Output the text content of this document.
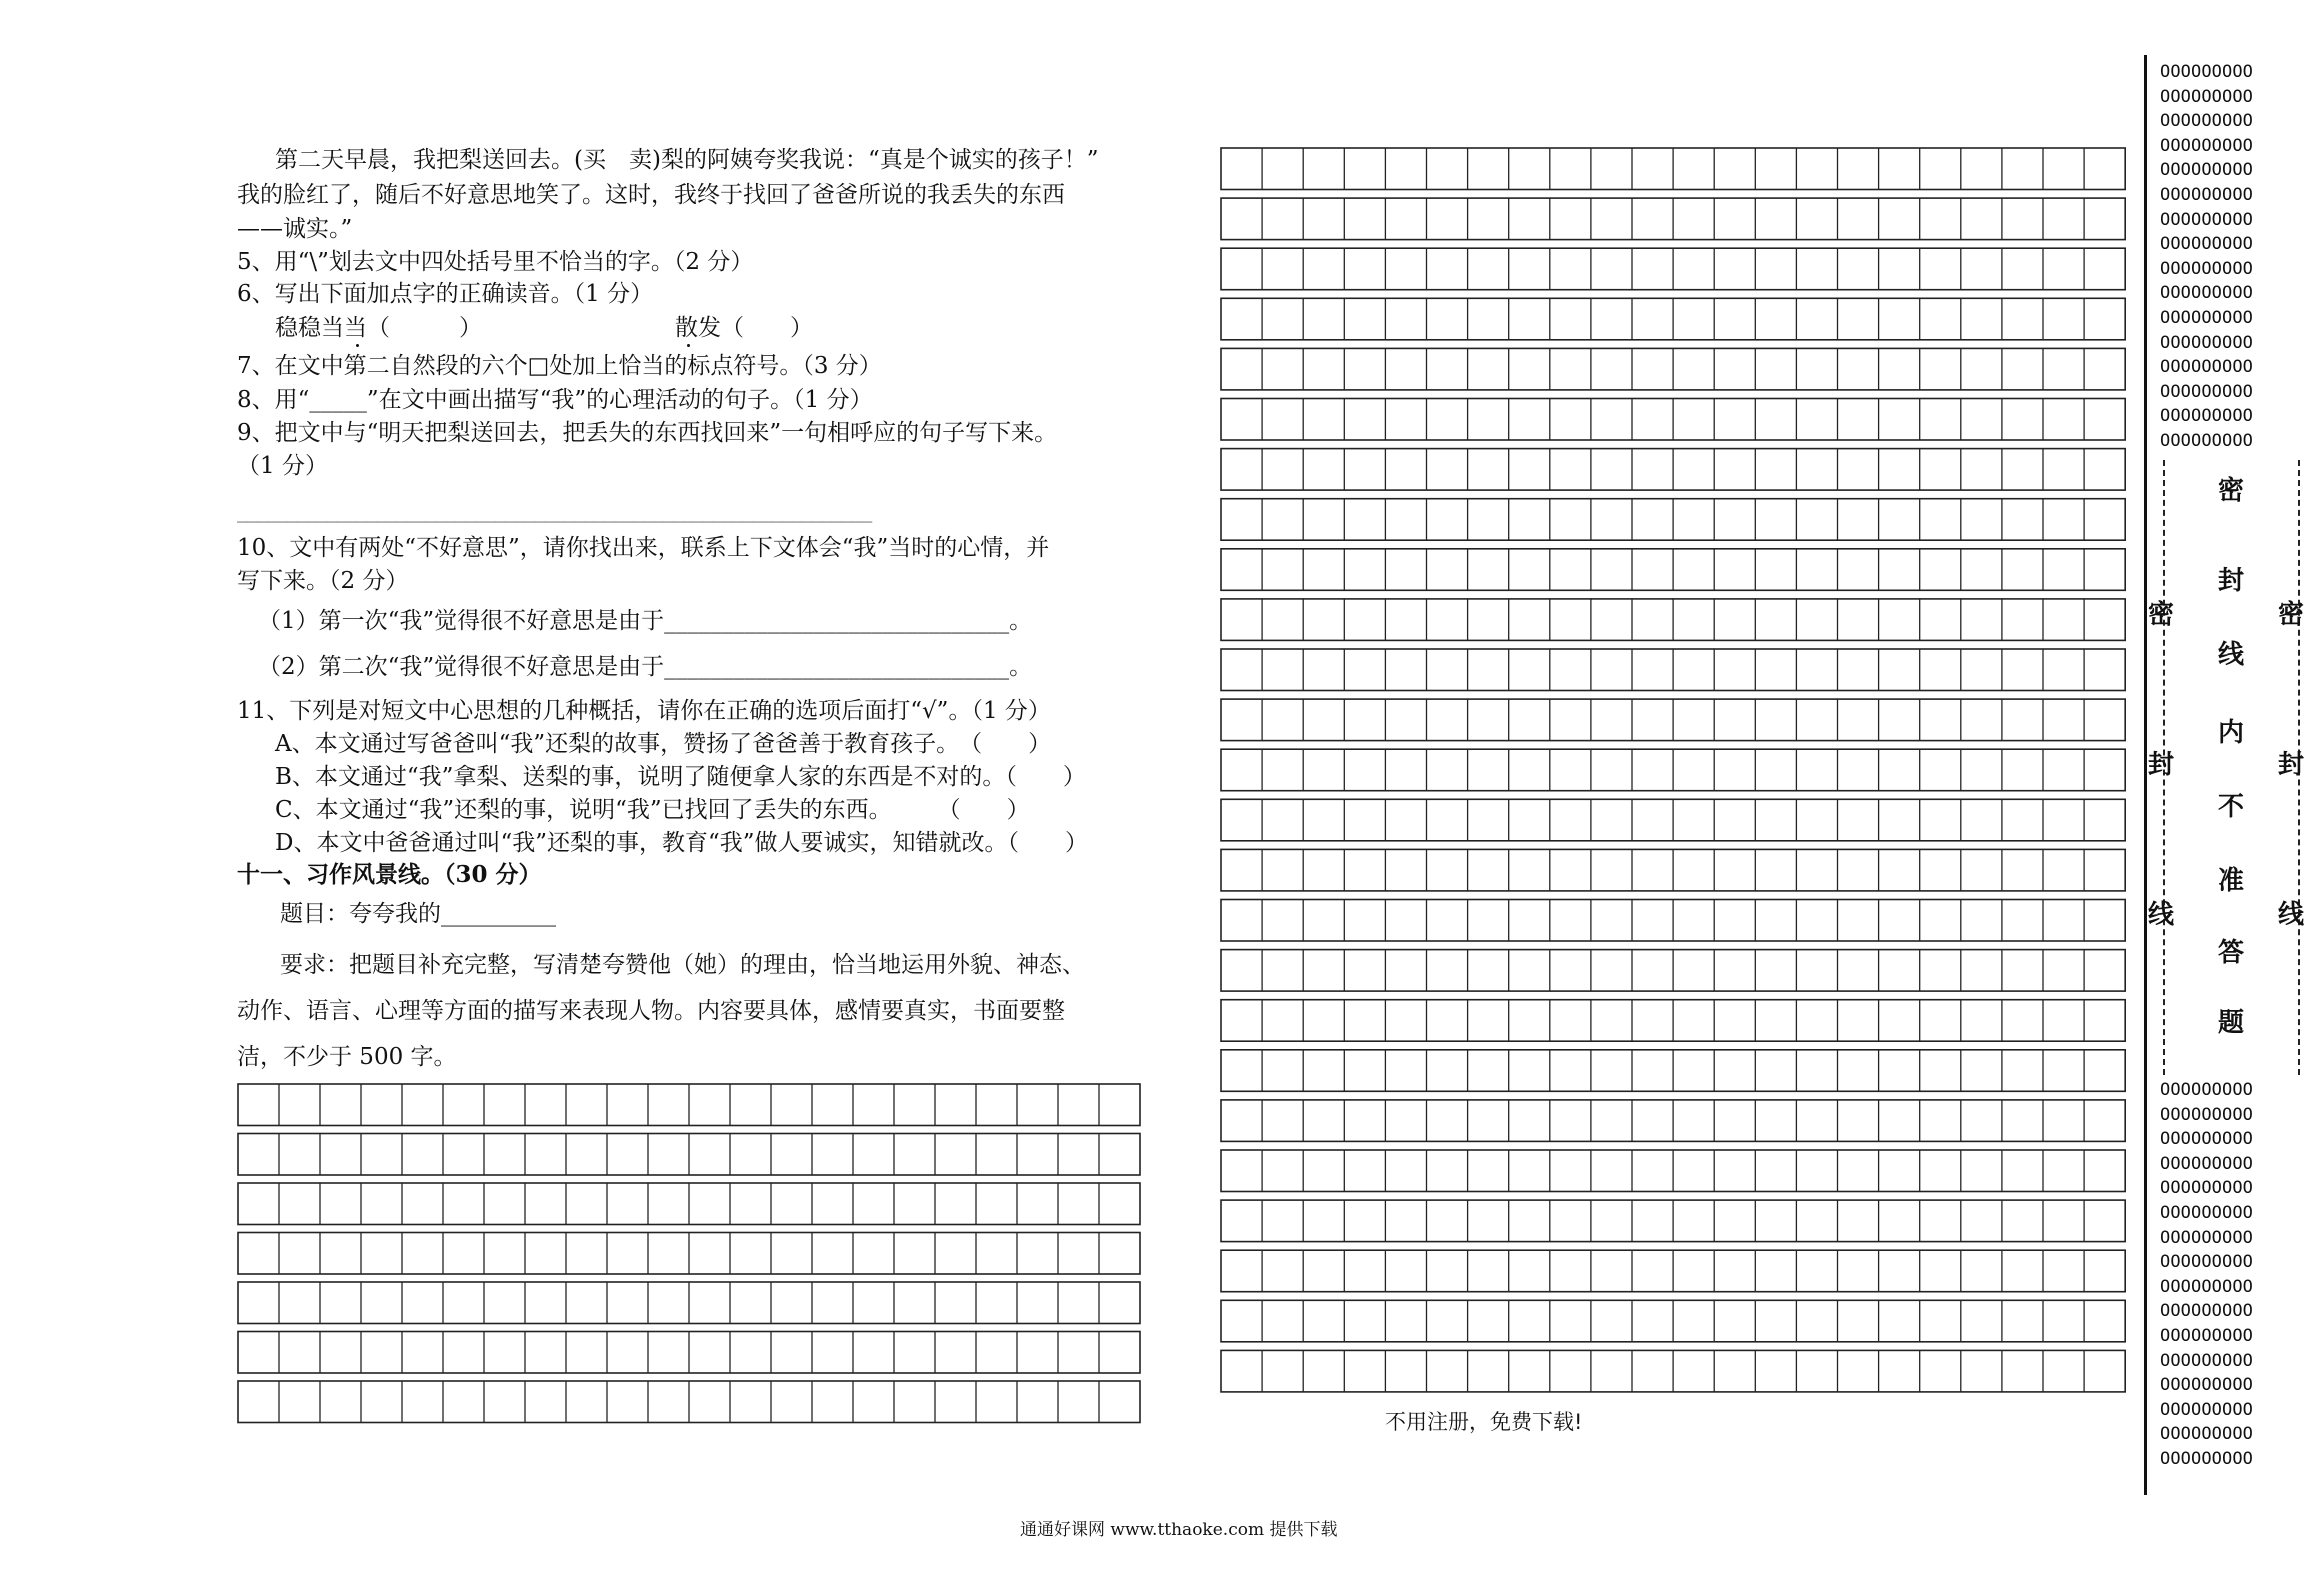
第二天早晨，我把梨送回去。(买　卖)梨的阿姨夸奖我说：“真是个诚实的孩子！”
我的脸红了，随后不好意思地笑了。这时，我终于找回了爸爸所说的我丢失的东西
——诚实。”
5、用“\”划去文中四处括号里不恰当的字。（2 分）
6、写出下面加点字的正确读音。（1 分）
稳稳当当（　　　）	散发（　　）
7、在文中第二自然段的六个□处加上恰当的标点符号。（3 分）
8、用“_____”在文中画出描写“我”的心理活动的句子。（1 分）
9、把文中与“明天把梨送回去，把丢失的东西找回来”一句相呼应的句子写下来。
（1 分）
________________________________________________________________
10、文中有两处“不好意思”，请你找出来，联系上下文体会“我”当时的心情，并
写下来。（2 分）
（1）第一次“我”觉得很不好意思是由于______________________________。
（2）第二次“我”觉得很不好意思是由于______________________________。
11、下列是对短文中心思想的几种概括，请你在正确的选项后面打“√”。（1 分）
A、本文通过写爸爸叫“我”还梨的故事，赞扬了爸爸善于教育孩子。　（　　）
B、本文通过“我”拿梨、送梨的事，说明了随便拿人家的东西是不对的。（　　）
C、本文通过“我”还梨的事，说明“我”已找回了丢失的东西。　　　（　　）
D、本文中爸爸通过叫“我”还梨的事，教育“我”做人要诚实，知错就改。（　　）
十一、习作风景线。（30 分）
题目：夸夸我的__________
要求：把题目补充完整，写清楚夸赞他（她）的理由，恰当地运用外貌、神态、
动作、语言、心理等方面的描写来表现人物。内容要具体，感情要真实，书面要整
洁，不少于 500 字。
不用注册，免费下载!
通通好课网 www.tthaoke.com 提供下载
OOOOOOOOO
OOOOOOOOO
OOOOOOOOO
OOOOOOOOO
OOOOOOOOO
OOOOOOOOO
OOOOOOOOO
OOOOOOOOO
OOOOOOOOO
OOOOOOOOO
OOOOOOOOO
OOOOOOOOO
OOOOOOOOO
OOOOOOOOO
OOOOOOOOO
OOOOOOOOO
OOOOOOOOO
OOOOOOOOO
OOOOOOOOO
OOOOOOOOO
OOOOOOOOO
OOOOOOOOO
OOOOOOOOO
OOOOOOOOO
OOOOOOOOO
OOOOOOOOO
OOOOOOOOO
OOOOOOOOO
OOOOOOOOO
OOOOOOOOO
OOOOOOOOO
OOOOOOOOO
密
封
线
内
不
准
答
题
密
封
线
密
封
线
